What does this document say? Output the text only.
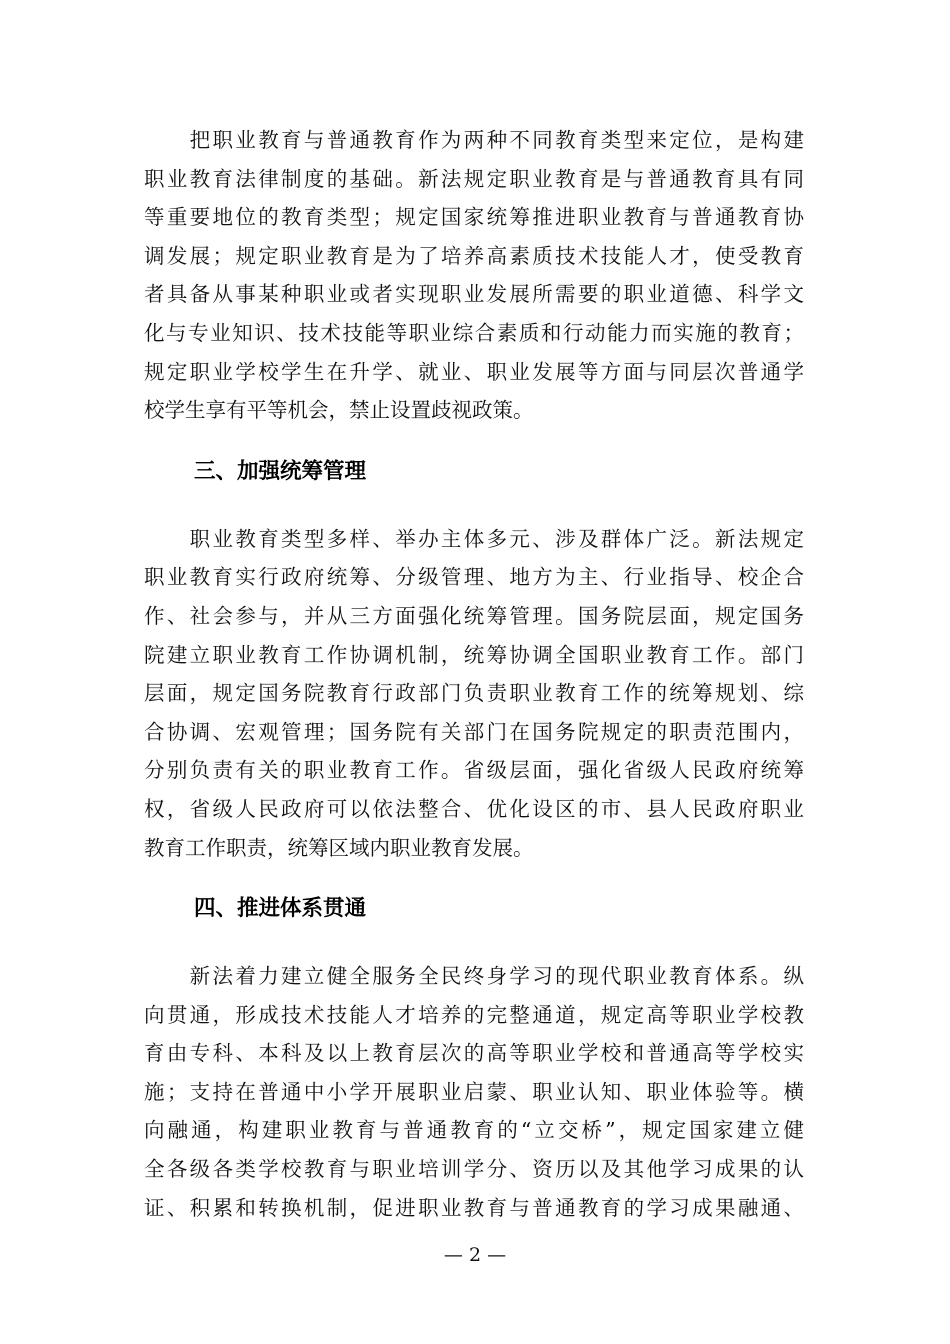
　　把职业教育与普通教育作为两种不同教育类型来定位，是构建
职业教育法律制度的基础。新法规定职业教育是与普通教育具有同
等重要地位的教育类型；规定国家统筹推进职业教育与普通教育协
调发展；规定职业教育是为了培养高素质技术技能人才，使受教育
者具备从事某种职业或者实现职业发展所需要的职业道德、科学文
化与专业知识、技术技能等职业综合素质和行动能力而实施的教育；
规定职业学校学生在升学、就业、职业发展等方面与同层次普通学
校学生享有平等机会，禁止设置歧视政策。
三、加强统筹管理
　　职业教育类型多样、举办主体多元、涉及群体广泛。新法规定
职业教育实行政府统筹、分级管理、地方为主、行业指导、校企合
作、社会参与，并从三方面强化统筹管理。国务院层面，规定国务
院建立职业教育工作协调机制，统筹协调全国职业教育工作。部门
层面，规定国务院教育行政部门负责职业教育工作的统筹规划、综
合协调、宏观管理；国务院有关部门在国务院规定的职责范围内，
分别负责有关的职业教育工作。省级层面，强化省级人民政府统筹
权，省级人民政府可以依法整合、优化设区的市、县人民政府职业
教育工作职责，统筹区域内职业教育发展。
四、推进体系贯通
　　新法着力建立健全服务全民终身学习的现代职业教育体系。纵
向贯通，形成技术技能人才培养的完整通道，规定高等职业学校教
育由专科、本科及以上教育层次的高等职业学校和普通高等学校实
施；支持在普通中小学开展职业启蒙、职业认知、职业体验等。横
向融通，构建职业教育与普通教育的“立交桥”，规定国家建立健
全各级各类学校教育与职业培训学分、资历以及其他学习成果的认
证、积累和转换机制，促进职业教育与普通教育的学习成果融通、
— 2 —
